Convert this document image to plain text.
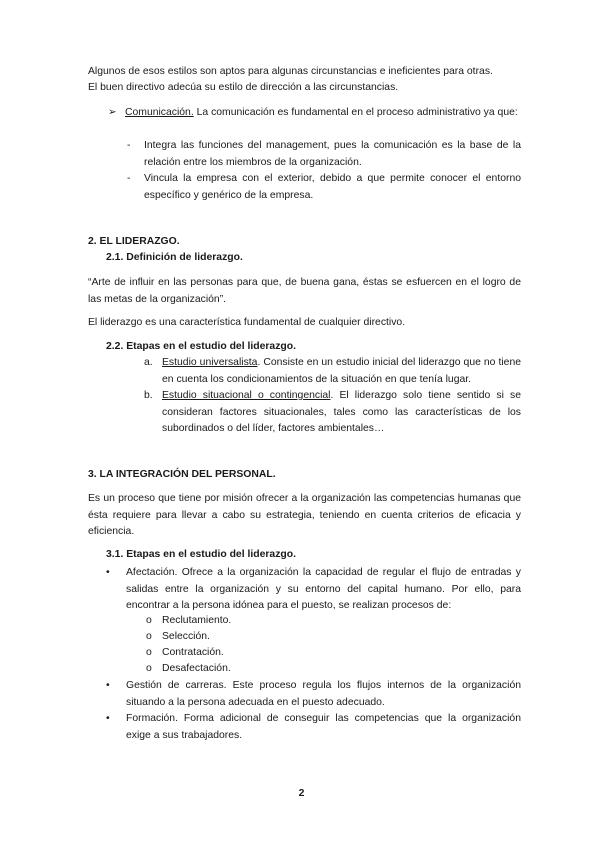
Algunos de esos estilos son aptos para algunas circunstancias e ineficientes para otras.

El buen directivo adecúa su estilo de dirección a las circunstancias.

➢ Comunicación. La comunicación es fundamental en el proceso administrativo ya que:

- Integra las funciones del management, pues la comunicación es la base de la relación entre los miembros de la organización.

- Vincula la empresa con el exterior, debido a que permite conocer el entorno específico y genérico de la empresa.

2. EL LIDERAZGO.

2.1. Definición de liderazgo.

“Arte de influir en las personas para que, de buena gana, éstas se esfuercen en el logro de las metas de la organización”.

El liderazgo es una característica fundamental de cualquier directivo.

2.2. Etapas en el estudio del liderazgo.

a. Estudio universalista. Consiste en un estudio inicial del liderazgo que no tiene en cuenta los condicionamientos de la situación en que tenía lugar.

b. Estudio situacional o contingencial. El liderazgo solo tiene sentido si se consideran factores situacionales, tales como las características de los subordinados o del líder, factores ambientales…

3. LA INTEGRACIÓN DEL PERSONAL.

Es un proceso que tiene por misión ofrecer a la organización las competencias humanas que ésta requiere para llevar a cabo su estrategia, teniendo en cuenta criterios de eficacia y eficiencia.

3.1. Etapas en el estudio del liderazgo.

• Afectación. Ofrece a la organización la capacidad de regular el flujo de entradas y salidas entre la organización y su entorno del capital humano. Por ello, para encontrar a la persona idónea para el puesto, se realizan procesos de:

o Reclutamiento.

o Selección.

o Contratación.

o Desafectación.

• Gestión de carreras. Este proceso regula los flujos internos de la organización situando a la persona adecuada en el puesto adecuado.

• Formación. Forma adicional de conseguir las competencias que la organización exige a sus trabajadores.

2
